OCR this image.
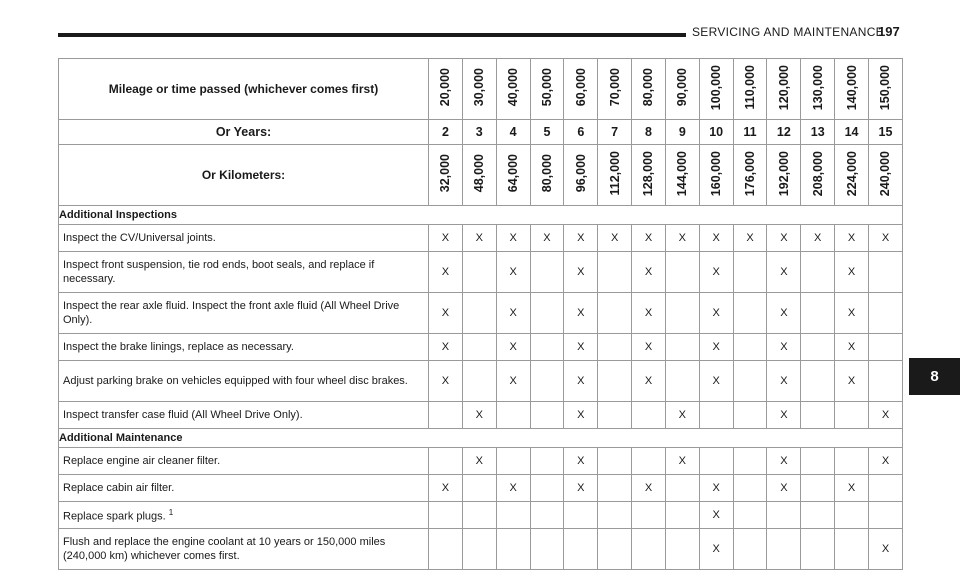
SERVICING AND MAINTENANCE
197
8
Mileage or time passed (whichever comes first)	20,000	30,000	40,000	50,000	60,000	70,000	80,000	90,000	100,000	110,000	120,000	130,000	140,000	150,000
Or Years:	2	3	4	5	6	7	8	9	10	11	12	13	14	15
Or Kilometers:	32,000	48,000	64,000	80,000	96,000	112,000	128,000	144,000	160,000	176,000	192,000	208,000	224,000	240,000
Additional Inspections														
Inspect the CV/Universal joints.	X	X	X	X	X	X	X	X	X	X	X	X	X	X
Inspect front suspension, tie rod ends, boot seals, and replace if necessary.	X		X		X		X		X		X		X	
Inspect the rear axle fluid. Inspect the front axle fluid (All Wheel Drive Only).	X		X		X		X		X		X		X	
Inspect the brake linings, replace as necessary.	X		X		X		X		X		X		X	
Adjust parking brake on vehicles equipped with four wheel disc brakes.	X		X		X		X		X		X		X	
Inspect transfer case fluid (All Wheel Drive Only).		X			X			X			X			X
Additional Maintenance														
Replace engine air cleaner filter.		X			X			X			X			X
Replace cabin air filter.	X		X		X		X		X		X		X	
Replace spark plugs. $^1$									X					
Flush and replace the engine coolant at 10 years or 150,000 miles (240,000 km) whichever comes first.									X					X
